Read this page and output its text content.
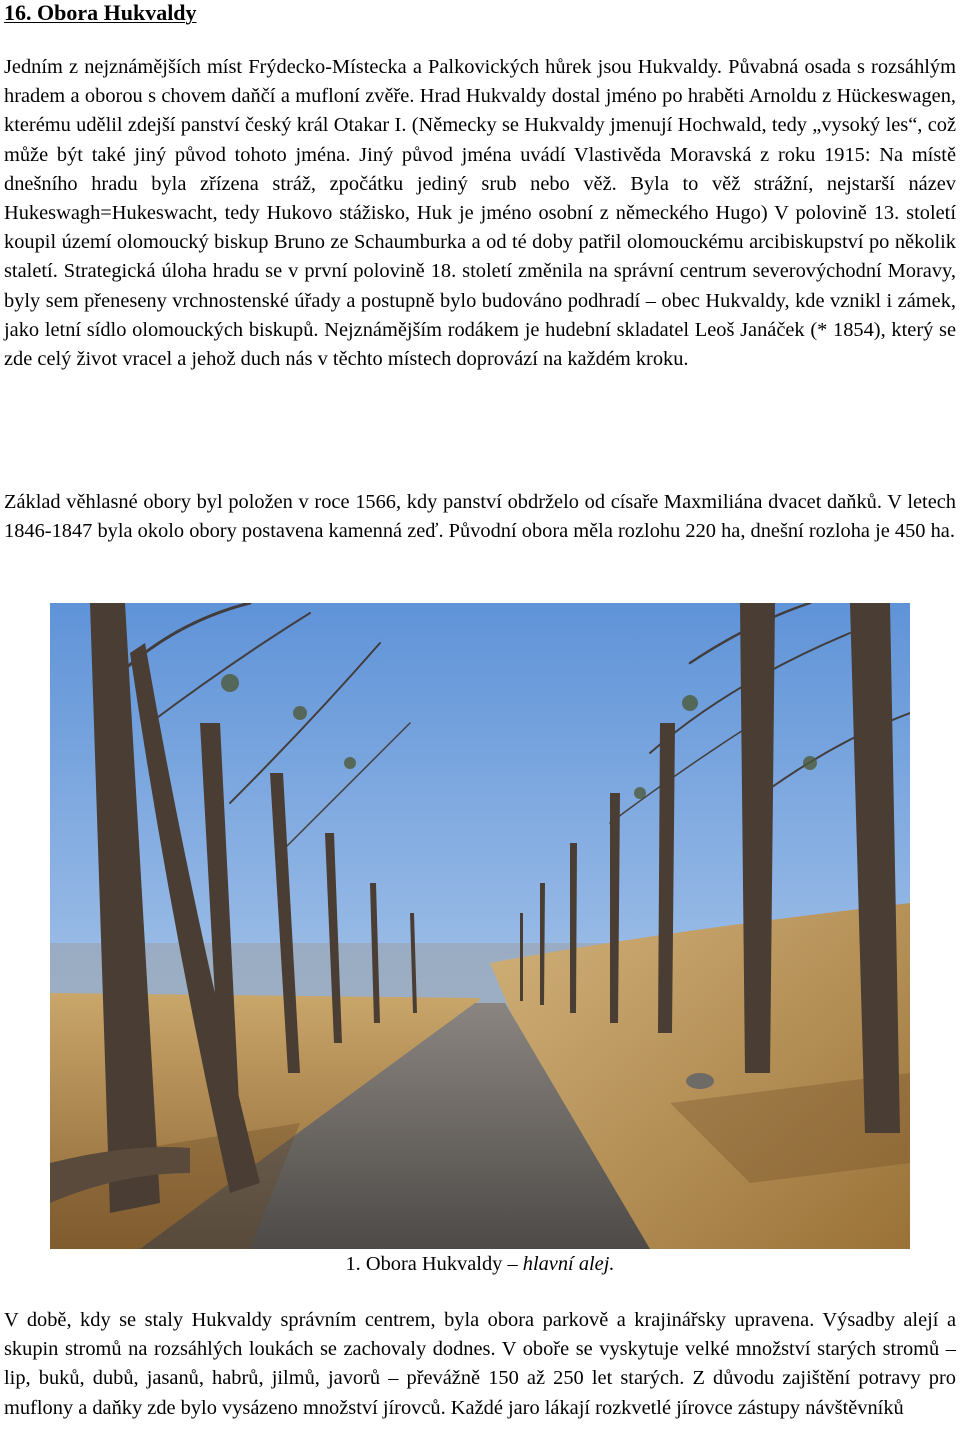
16. Obora Hukvaldy

Jedním z nejznámějších míst Frýdecko-Místecka a Palkovických hůrek jsou Hukvaldy. Půvabná osada s rozsáhlým hradem a oborou s chovem daňčí a mufloní zvěře. Hrad Hukvaldy dostal jméno po hraběti Arnoldu z Hückeswagen, kterému udělil zdejší panství český král Otakar I. (Německy se Hukvaldy jmenují Hochwald, tedy „vysoký les“, což může být také jiný původ tohoto jména. Jiný původ jména uvádí Vlastivěda Moravská z roku 1915: Na místě dnešního hradu byla zřízena stráž, zpočátku jediný srub nebo věž. Byla to věž strážní, nejstarší název Hukeswagh=Hukeswacht, tedy Hukovo stážisko, Huk je jméno osobní z německého Hugo) V polovině 13. století koupil území olomoucký biskup Bruno ze Schaumburka a od té doby patřil olomouckému arcibiskupství po několik staletí. Strategická úloha hradu se v první polovině 18. století změnila na správní centrum severovýchodní Moravy, byly sem přeneseny vrchnostenské úřady a postupně bylo budováno podhradí – obec Hukvaldy, kde vznikl i zámek, jako letní sídlo olomouckých biskupů. Nejznámějším rodákem je hudební skladatel Leoš Janáček (* 1854), který se zde celý život vracel a jehož duch nás v těchto místech doprovází na každém kroku.

Základ věhlasné obory byl položen v roce 1566, kdy panství obdrželo od císaře Maxmiliána dvacet daňků. V letech 1846-1847 byla okolo obory postavena kamenná zeď. Původní obora měla rozlohu 220 ha, dnešní rozloha je 450 ha.

1. Obora Hukvaldy – hlavní alej.

V době, kdy se staly Hukvaldy správním centrem, byla obora parkově a krajinářsky upravena. Výsadby alejí a skupin stromů na rozsáhlých loukách se zachovaly dodnes. V oboře se vyskytuje velké množství starých stromů – lip, buků, dubů, jasanů, habrů, jilmů, javorů – převážně 150 až 250 let starých. Z důvodu zajištění potravy pro muflony a daňky zde bylo vysázeno množství jírovců. Každé jaro lákají rozkvetlé jírovce zástupy návštěvníků
